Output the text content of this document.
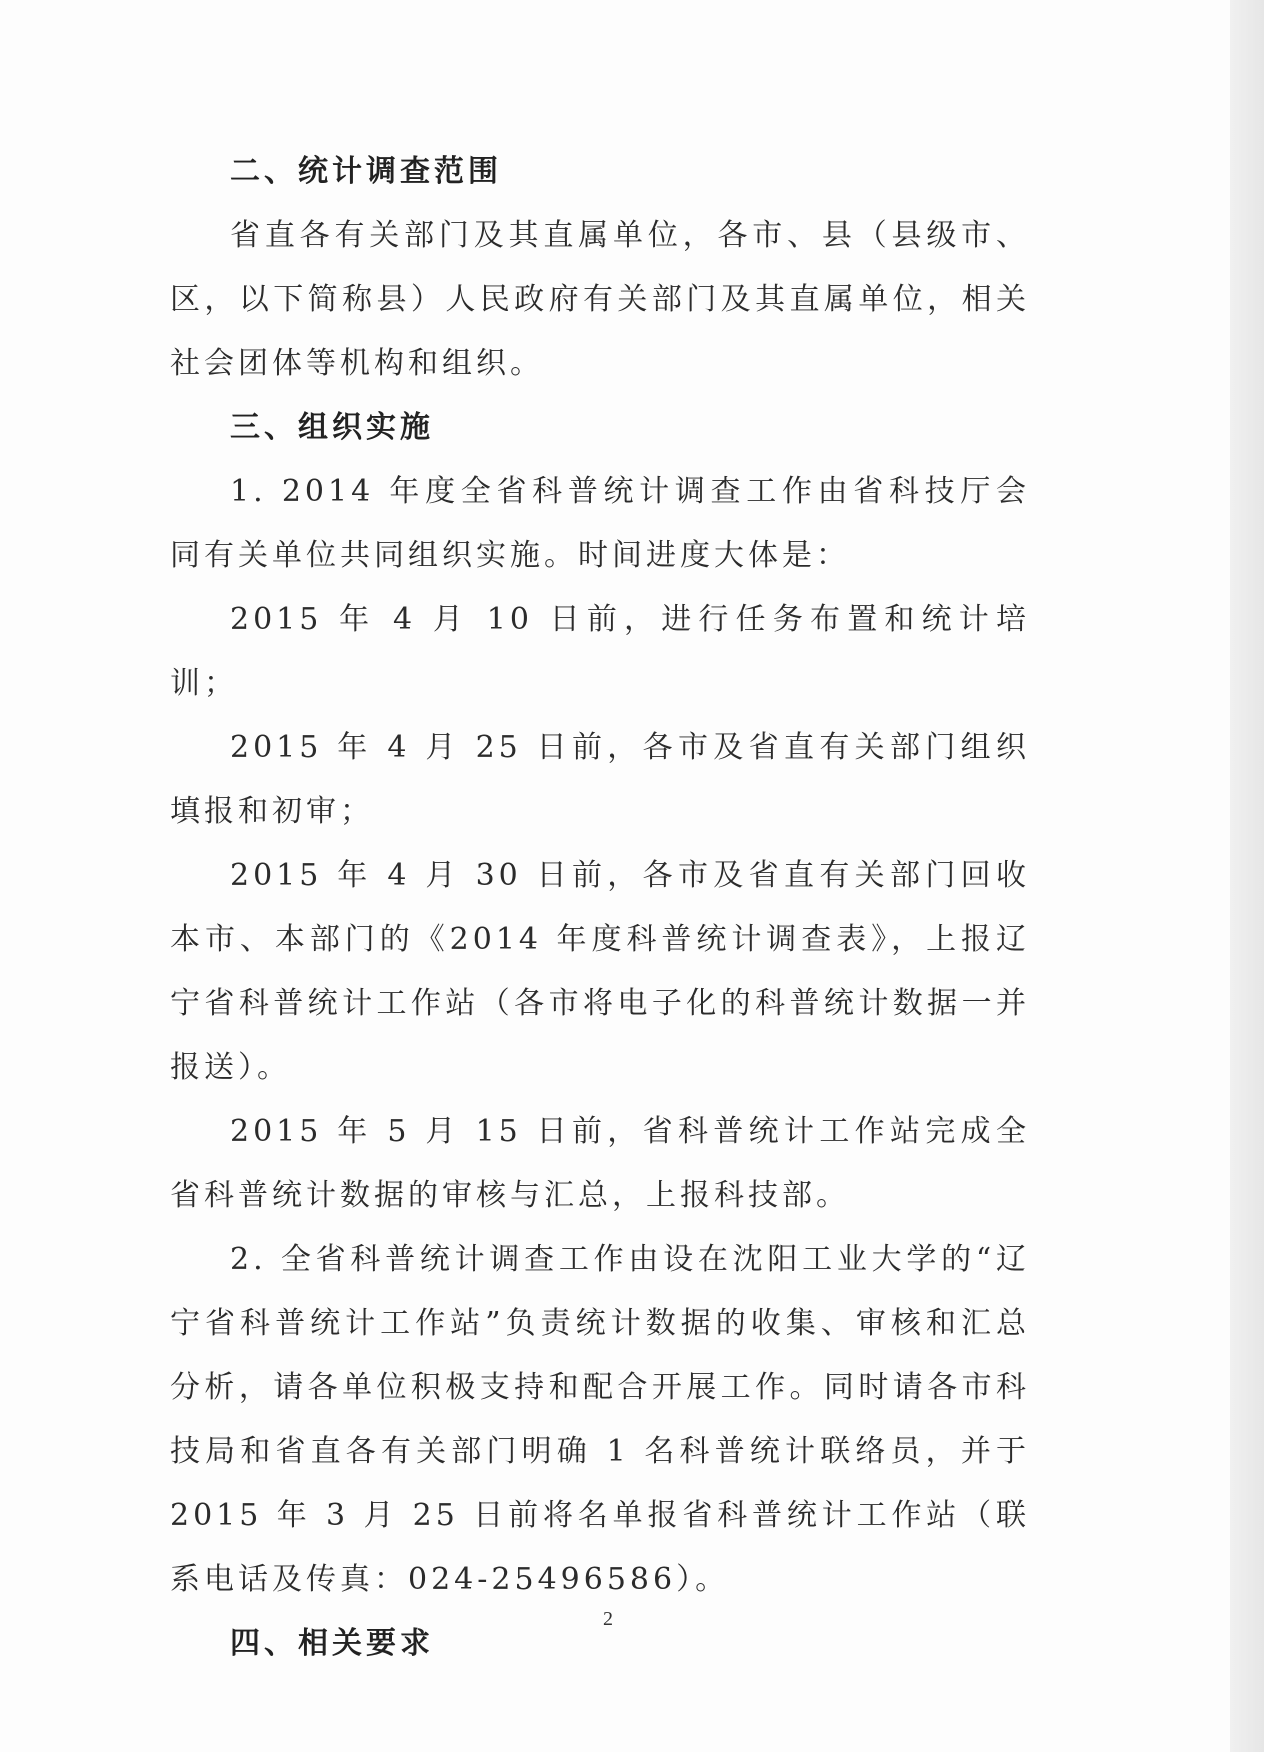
二、统计调查范围

省直各有关部门及其直属单位，各市、县（县级市、区，以下简称县）人民政府有关部门及其直属单位，相关社会团体等机构和组织。

三、组织实施

1. 2014 年度全省科普统计调查工作由省科技厅会同有关单位共同组织实施。时间进度大体是：

2015 年 4 月 10 日前，进行任务布置和统计培训；

2015 年 4 月 25 日前，各市及省直有关部门组织填报和初审；

2015 年 4 月 30 日前，各市及省直有关部门回收本市、本部门的《2014 年度科普统计调查表》，上报辽宁省科普统计工作站（各市将电子化的科普统计数据一并报送）。

2015 年 5 月 15 日前，省科普统计工作站完成全省科普统计数据的审核与汇总，上报科技部。

2. 全省科普统计调查工作由设在沈阳工业大学的“辽宁省科普统计工作站”负责统计数据的收集、审核和汇总分析，请各单位积极支持和配合开展工作。同时请各市科技局和省直各有关部门明确 1 名科普统计联络员，并于 2015 年 3 月 25 日前将名单报省科普统计工作站（联系电话及传真：024-25496586）。

四、相关要求

2
